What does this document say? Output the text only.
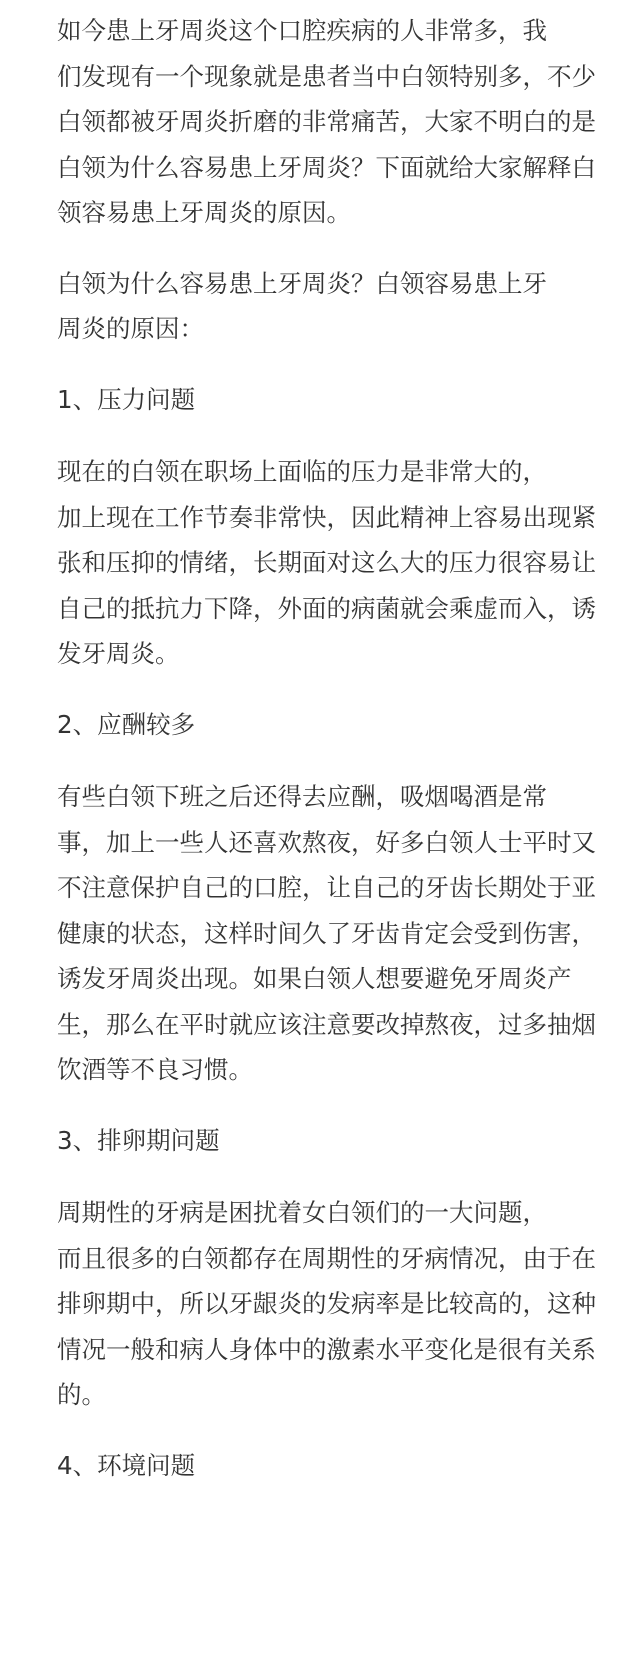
如今患上牙周炎这个口腔疾病的人非常多，我
们发现有一个现象就是患者当中白领特别多，不少
白领都被牙周炎折磨的非常痛苦，大家不明白的是
白领为什么容易患上牙周炎？下面就给大家解释白
领容易患上牙周炎的原因。

白领为什么容易患上牙周炎？白领容易患上牙
周炎的原因：

1、压力问题

现在的白领在职场上面临的压力是非常大的，
加上现在工作节奏非常快，因此精神上容易出现紧
张和压抑的情绪，长期面对这么大的压力很容易让
自己的抵抗力下降，外面的病菌就会乘虚而入，诱
发牙周炎。

2、应酬较多

有些白领下班之后还得去应酬，吸烟喝酒是常
事，加上一些人还喜欢熬夜，好多白领人士平时又
不注意保护自己的口腔，让自己的牙齿长期处于亚
健康的状态，这样时间久了牙齿肯定会受到伤害，
诱发牙周炎出现。如果白领人想要避免牙周炎产
生，那么在平时就应该注意要改掉熬夜，过多抽烟
饮酒等不良习惯。

3、排卵期问题

周期性的牙病是困扰着女白领们的一大问题，
而且很多的白领都存在周期性的牙病情况，由于在
排卵期中，所以牙龈炎的发病率是比较高的，这种
情况一般和病人身体中的激素水平变化是很有关系
的。

4、环境问题
